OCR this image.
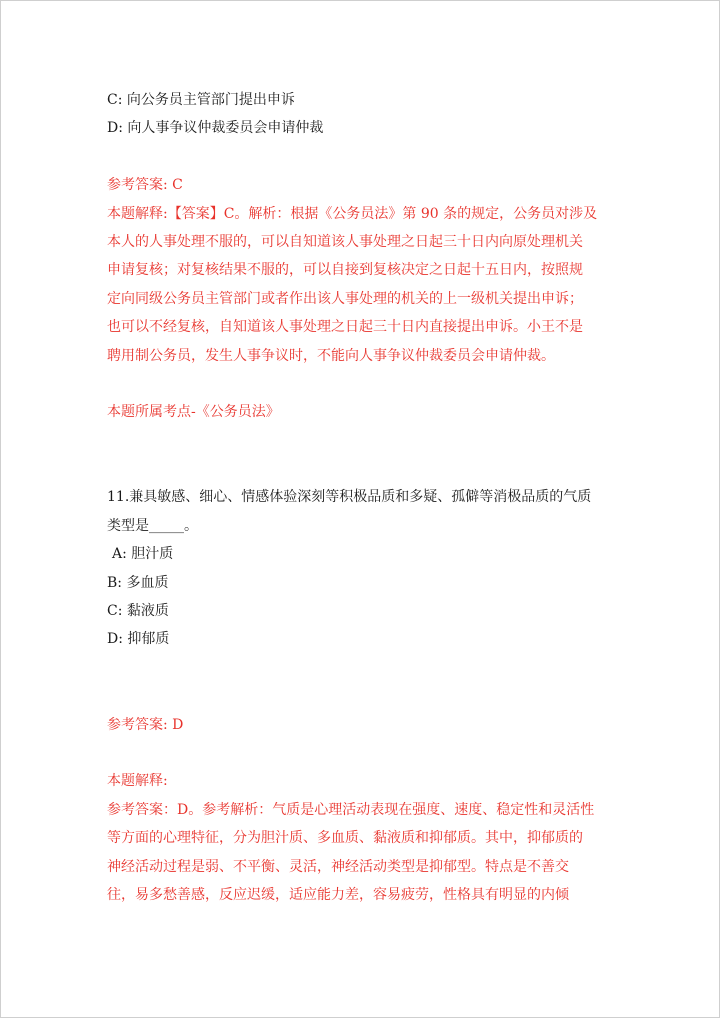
C: 向公务员主管部门提出申诉
D: 向人事争议仲裁委员会申请仲裁
参考答案: C
本题解释:【答案】C。解析：根据《公务员法》第 90 条的规定，公务员对涉及
本人的人事处理不服的，可以自知道该人事处理之日起三十日内向原处理机关
申请复核；对复核结果不服的，可以自接到复核决定之日起十五日内，按照规
定向同级公务员主管部门或者作出该人事处理的机关的上一级机关提出申诉；
也可以不经复核，自知道该人事处理之日起三十日内直接提出申诉。小王不是
聘用制公务员，发生人事争议时，不能向人事争议仲裁委员会申请仲裁。
本题所属考点-《公务员法》
11.兼具敏感、细心、情感体验深刻等积极品质和多疑、孤僻等消极品质的气质
类型是_____。
A: 胆汁质
B: 多血质
C: 黏液质
D: 抑郁质
参考答案: D
本题解释:
参考答案：D。参考解析：气质是心理活动表现在强度、速度、稳定性和灵活性
等方面的心理特征，分为胆汁质、多血质、黏液质和抑郁质。其中，抑郁质的
神经活动过程是弱、不平衡、灵活，神经活动类型是抑郁型。特点是不善交
往，易多愁善感，反应迟缓，适应能力差，容易疲劳，性格具有明显的内倾
